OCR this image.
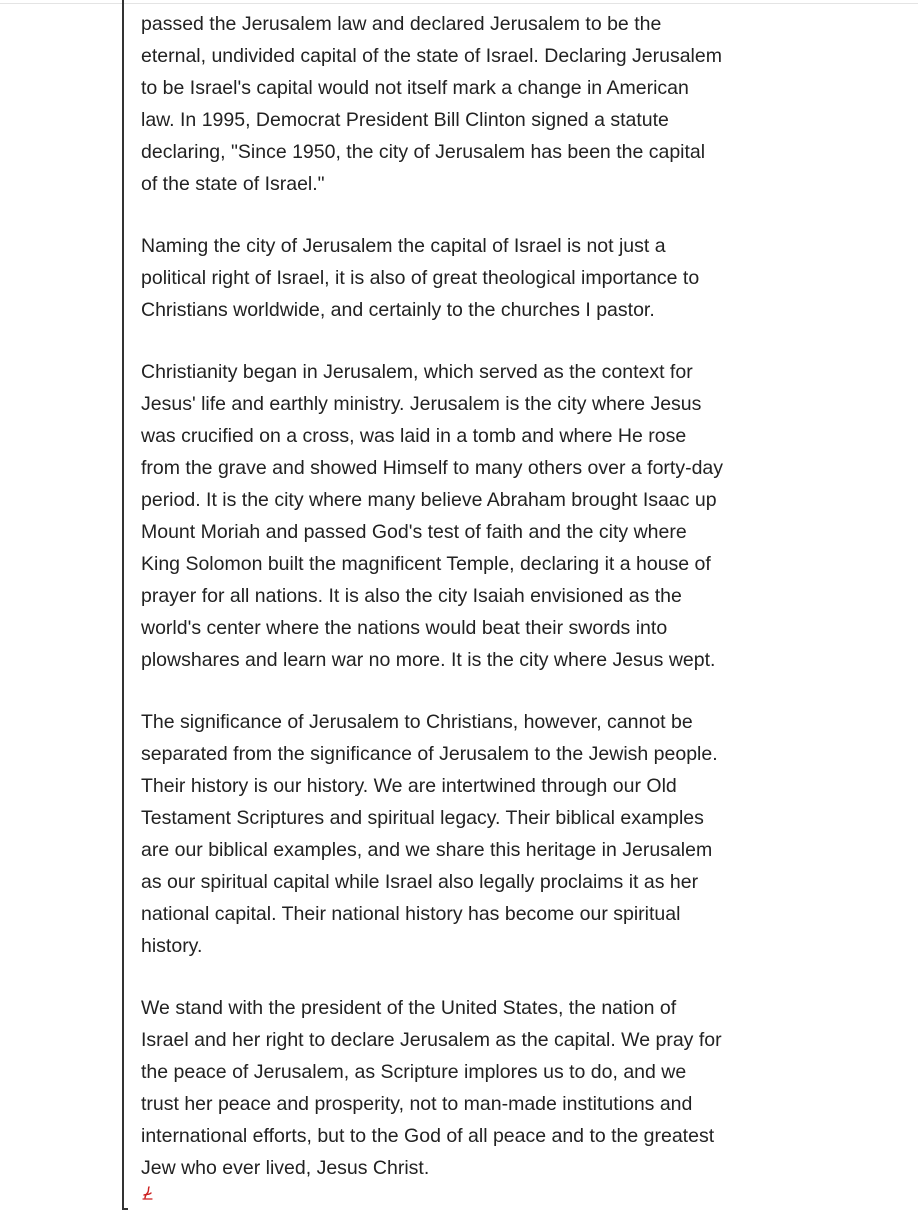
passed the Jerusalem law and declared Jerusalem to be the
eternal, undivided capital of the state of Israel. Declaring Jerusalem
to be Israel's capital would not itself mark a change in American
law. In 1995, Democrat President Bill Clinton signed a statute
declaring, "Since 1950, the city of Jerusalem has been the capital
of the state of Israel."

Naming the city of Jerusalem the capital of Israel is not just a
political right of Israel, it is also of great theological importance to
Christians worldwide, and certainly to the churches I pastor.

Christianity began in Jerusalem, which served as the context for
Jesus' life and earthly ministry. Jerusalem is the city where Jesus
was crucified on a cross, was laid in a tomb and where He rose
from the grave and showed Himself to many others over a forty-day
period. It is the city where many believe Abraham brought Isaac up
Mount Moriah and passed God's test of faith and the city where
King Solomon built the magnificent Temple, declaring it a house of
prayer for all nations. It is also the city Isaiah envisioned as the
world's center where the nations would beat their swords into
plowshares and learn war no more. It is the city where Jesus wept.

The significance of Jerusalem to Christians, however, cannot be
separated from the significance of Jerusalem to the Jewish people.
Their history is our history. We are intertwined through our Old
Testament Scriptures and spiritual legacy. Their biblical examples
are our biblical examples, and we share this heritage in Jerusalem
as our spiritual capital while Israel also legally proclaims it as her
national capital. Their national history has become our spiritual
history.

We stand with the president of the United States, the nation of
Israel and her right to declare Jerusalem as the capital. We pray for
the peace of Jerusalem, as Scripture implores us to do, and we
trust her peace and prosperity, not to man-made institutions and
international efforts, but to the God of all peace and to the greatest
Jew who ever lived, Jesus Christ.
